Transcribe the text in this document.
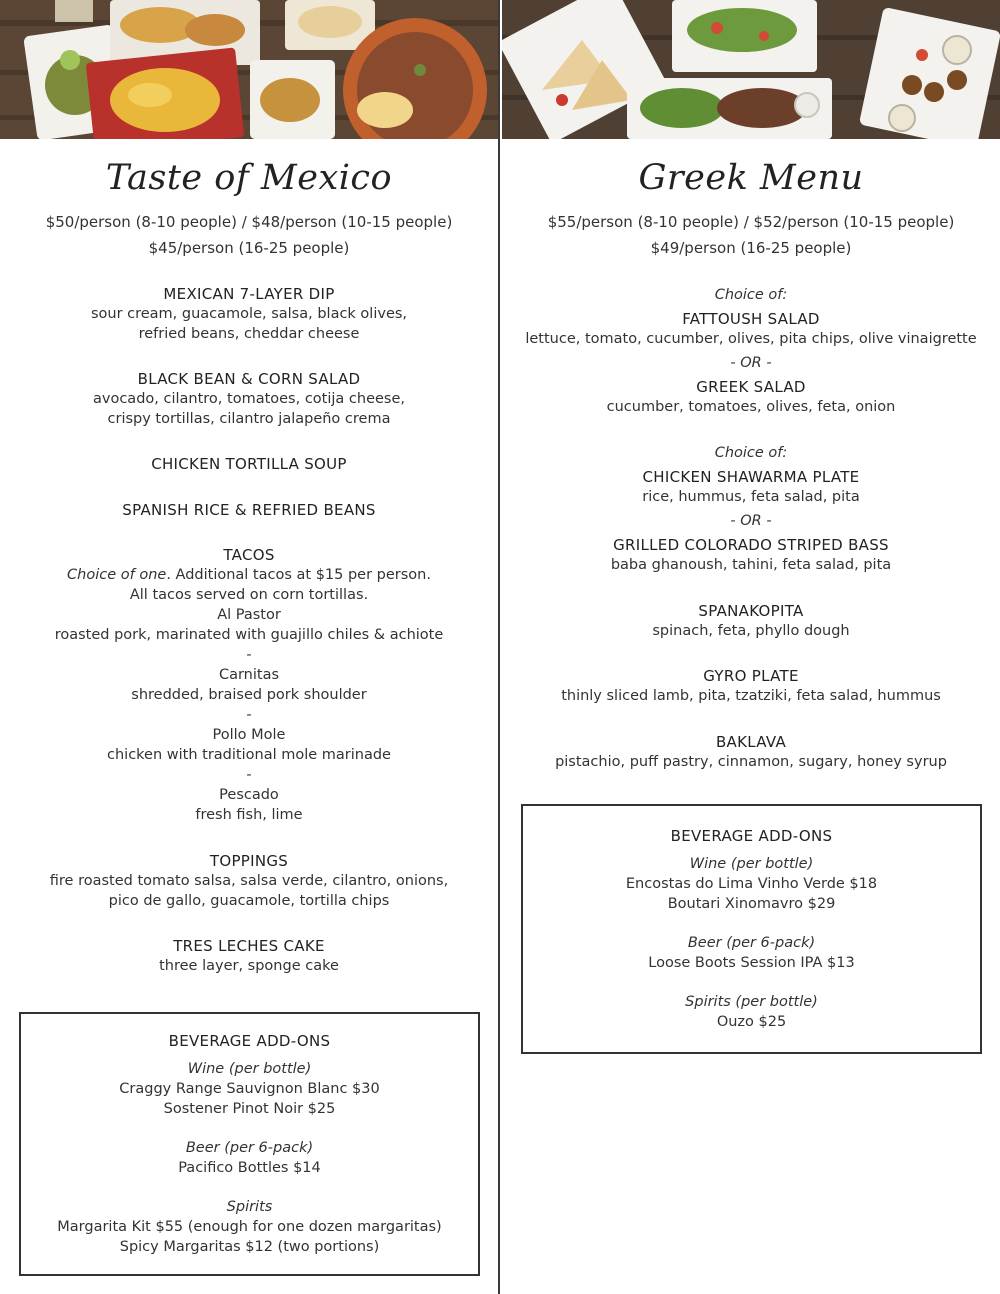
Taste of Mexico
$50/person (8-10 people) / $48/person (10-15 people)
$45/person (16-25 people)
MEXICAN 7-LAYER DIP
sour cream, guacamole, salsa, black olives,
refried beans, cheddar cheese
BLACK BEAN & CORN SALAD
avocado, cilantro, tomatoes, cotija cheese,
crispy tortillas, cilantro jalapeño crema
CHICKEN TORTILLA SOUP
SPANISH RICE & REFRIED BEANS
TACOS
Choice of one. Additional tacos at $15 per person.
All tacos served on corn tortillas.
Al Pastor
roasted pork, marinated with guajillo chiles & achiote
-
Carnitas
shredded, braised pork shoulder
-
Pollo Mole
chicken with traditional mole marinade
-
Pescado
fresh fish, lime
TOPPINGS
fire roasted tomato salsa, salsa verde, cilantro, onions,
pico de gallo, guacamole, tortilla chips
TRES LECHES CAKE
three layer, sponge cake
BEVERAGE ADD-ONS
Wine (per bottle)
Craggy Range Sauvignon Blanc $30
Sostener Pinot Noir $25
Beer (per 6-pack)
Pacifico Bottles $14
Spirits
Margarita Kit $55 (enough for one dozen margaritas)
Spicy Margaritas $12 (two portions)
Greek Menu
$55/person (8-10 people) / $52/person (10-15 people)
$49/person (16-25 people)
Choice of:
FATTOUSH SALAD
lettuce, tomato, cucumber, olives, pita chips, olive vinaigrette
- OR -
GREEK SALAD
cucumber, tomatoes, olives, feta, onion
Choice of:
CHICKEN SHAWARMA PLATE
rice, hummus, feta salad, pita
- OR -
GRILLED COLORADO STRIPED BASS
baba ghanoush, tahini, feta salad, pita
SPANAKOPITA
spinach, feta, phyllo dough
GYRO PLATE
thinly sliced lamb, pita, tzatziki, feta salad, hummus
BAKLAVA
pistachio, puff pastry, cinnamon, sugary, honey syrup
BEVERAGE ADD-ONS
Wine (per bottle)
Encostas do Lima Vinho Verde $18
Boutari Xinomavro $29
Beer (per 6-pack)
Loose Boots Session IPA $13
Spirits (per bottle)
Ouzo $25
